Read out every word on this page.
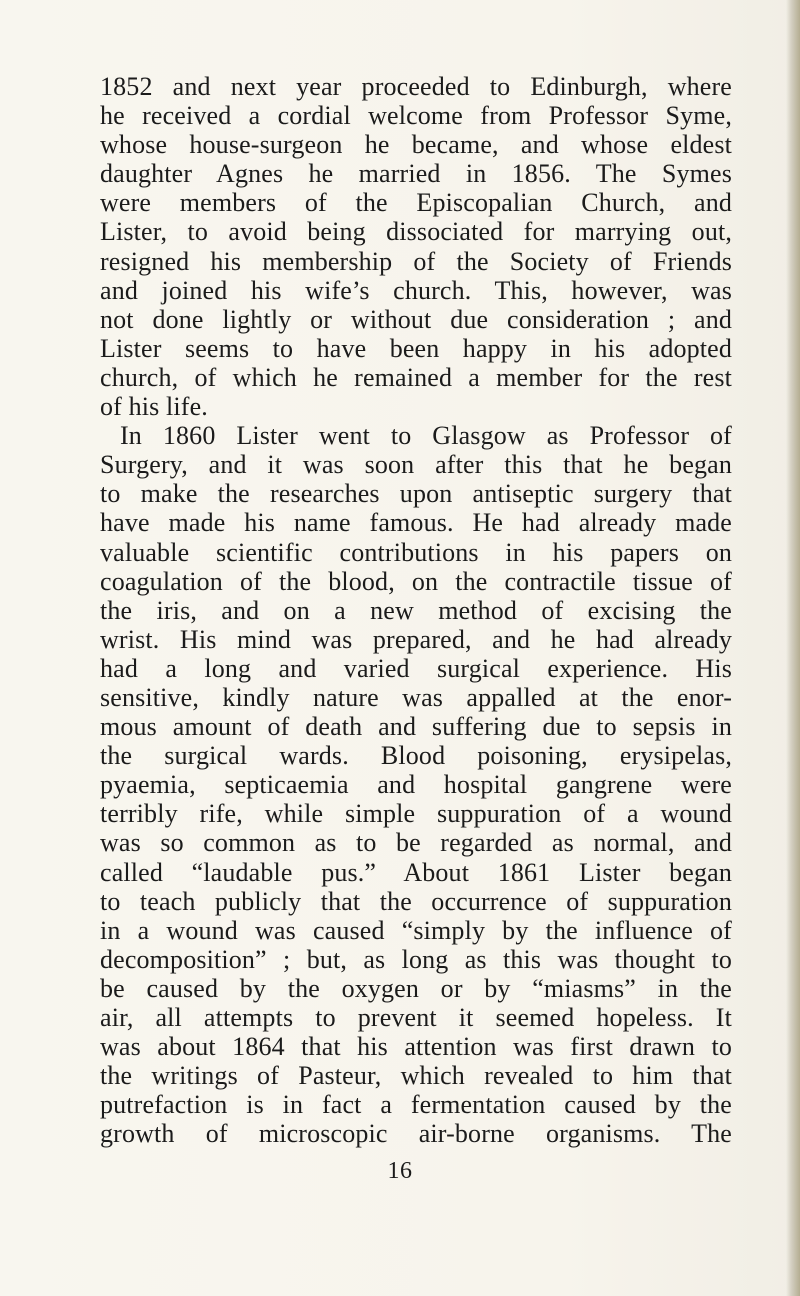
1852 and next year proceeded to Edinburgh, where
he received a cordial welcome from Professor Syme,
whose house-surgeon he became, and whose eldest
daughter Agnes he married in 1856. The Symes
were members of the Episcopalian Church, and
Lister, to avoid being dissociated for marrying out,
resigned his membership of the Society of Friends
and joined his wife’s church. This, however, was
not done lightly or without due consideration ; and
Lister seems to have been happy in his adopted
church, of which he remained a member for the rest
of his life.
In 1860 Lister went to Glasgow as Professor of
Surgery, and it was soon after this that he began
to make the researches upon antiseptic surgery that
have made his name famous. He had already made
valuable scientific contributions in his papers on
coagulation of the blood, on the contractile tissue of
the iris, and on a new method of excising the
wrist. His mind was prepared, and he had already
had a long and varied surgical experience. His
sensitive, kindly nature was appalled at the enor-
mous amount of death and suffering due to sepsis in
the surgical wards. Blood poisoning, erysipelas,
pyaemia, septicaemia and hospital gangrene were
terribly rife, while simple suppuration of a wound
was so common as to be regarded as normal, and
called “laudable pus.” About 1861 Lister began
to teach publicly that the occurrence of suppuration
in a wound was caused “simply by the influence of
decomposition” ; but, as long as this was thought to
be caused by the oxygen or by “miasms” in the
air, all attempts to prevent it seemed hopeless. It
was about 1864 that his attention was first drawn to
the writings of Pasteur, which revealed to him that
putrefaction is in fact a fermentation caused by the
growth of microscopic air-borne organisms. The
16
